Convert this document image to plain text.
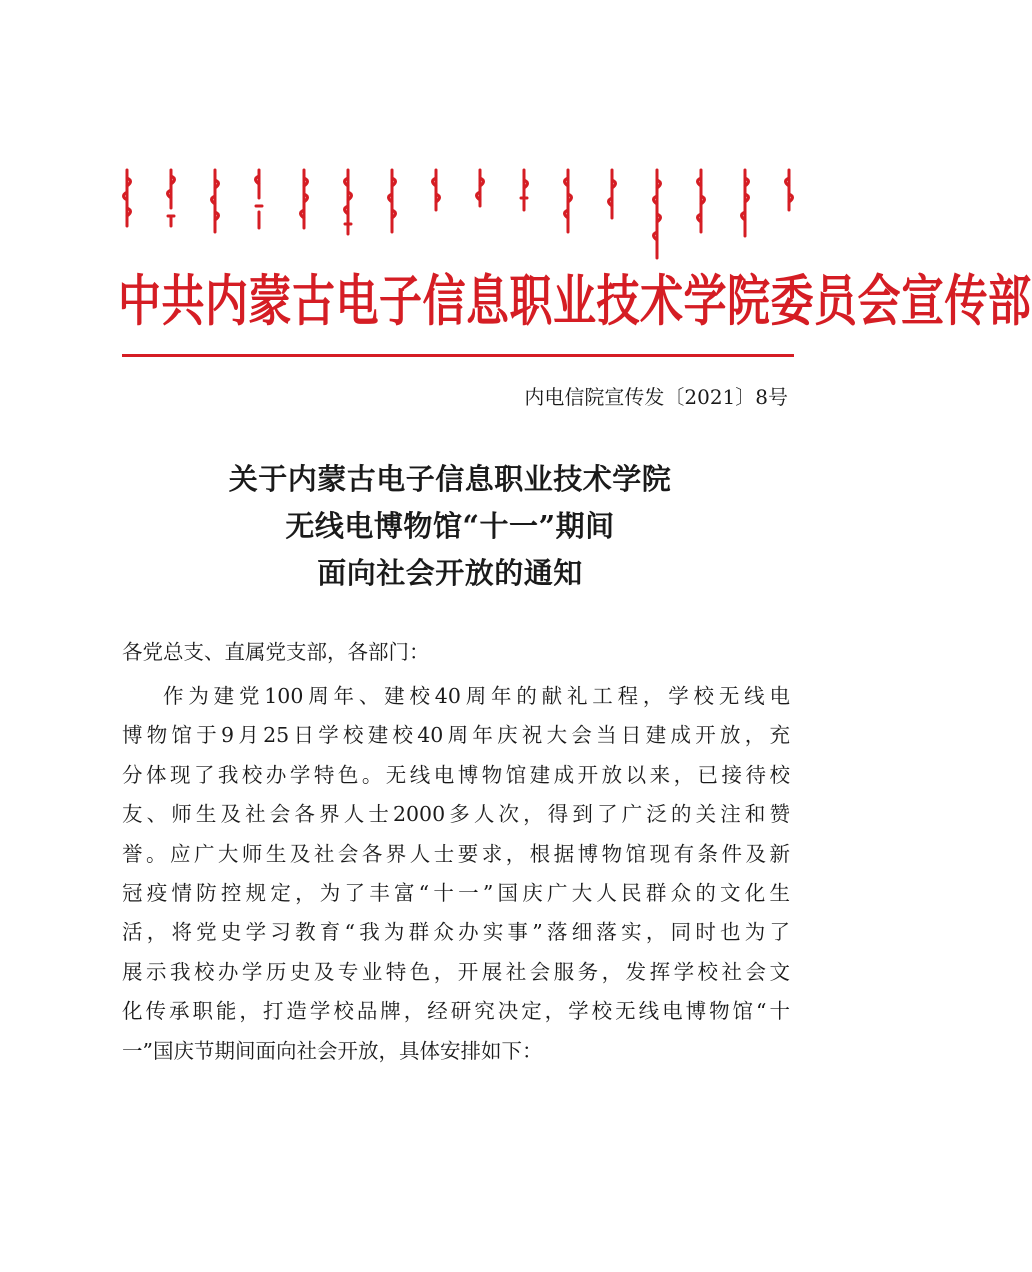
中共内蒙古电子信息职业技术学院委员会宣传部
内电信院宣传发〔2021〕8号

关于内蒙古电子信息职业技术学院

无线电博物馆“十一”期间

面向社会开放的通知

各党总支、直属党支部，各部门：

作为建党100周年、建校40周年的献礼工程，学校无线电

博物馆于9月25日学校建校40周年庆祝大会当日建成开放，充

分体现了我校办学特色。无线电博物馆建成开放以来，已接待校

友、师生及社会各界人士2000多人次，得到了广泛的关注和赞

誉。应广大师生及社会各界人士要求，根据博物馆现有条件及新

冠疫情防控规定，为了丰富“十一”国庆广大人民群众的文化生

活，将党史学习教育“我为群众办实事”落细落实，同时也为了

展示我校办学历史及专业特色，开展社会服务，发挥学校社会文

化传承职能，打造学校品牌，经研究决定，学校无线电博物馆“十

一”国庆节期间面向社会开放，具体安排如下：
